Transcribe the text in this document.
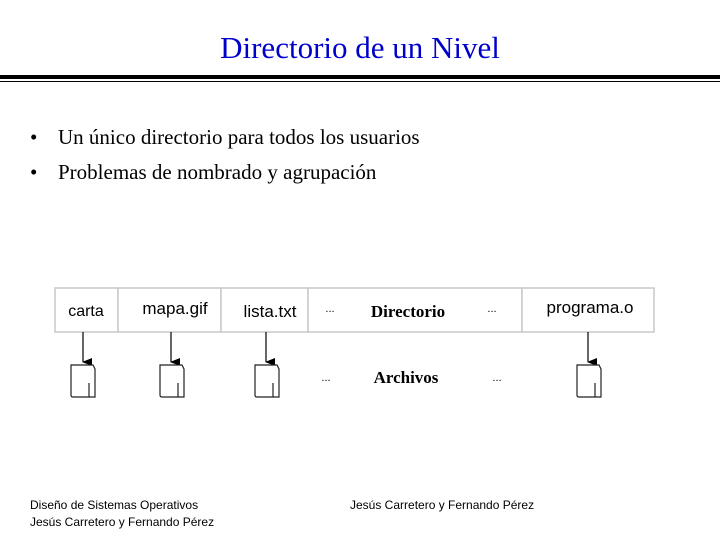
Directorio de un Nivel
• Un único directorio para todos los usuarios
• Problemas de nombrado y agrupación
carta mapa.gif lista.txt	programa.o
... Directorio	...
...	Archivos	...
Diseño de Sistemas Operativos
Jesús Carretero y Fernando Pérez
Jesús Carretero y Fernando Pérez
